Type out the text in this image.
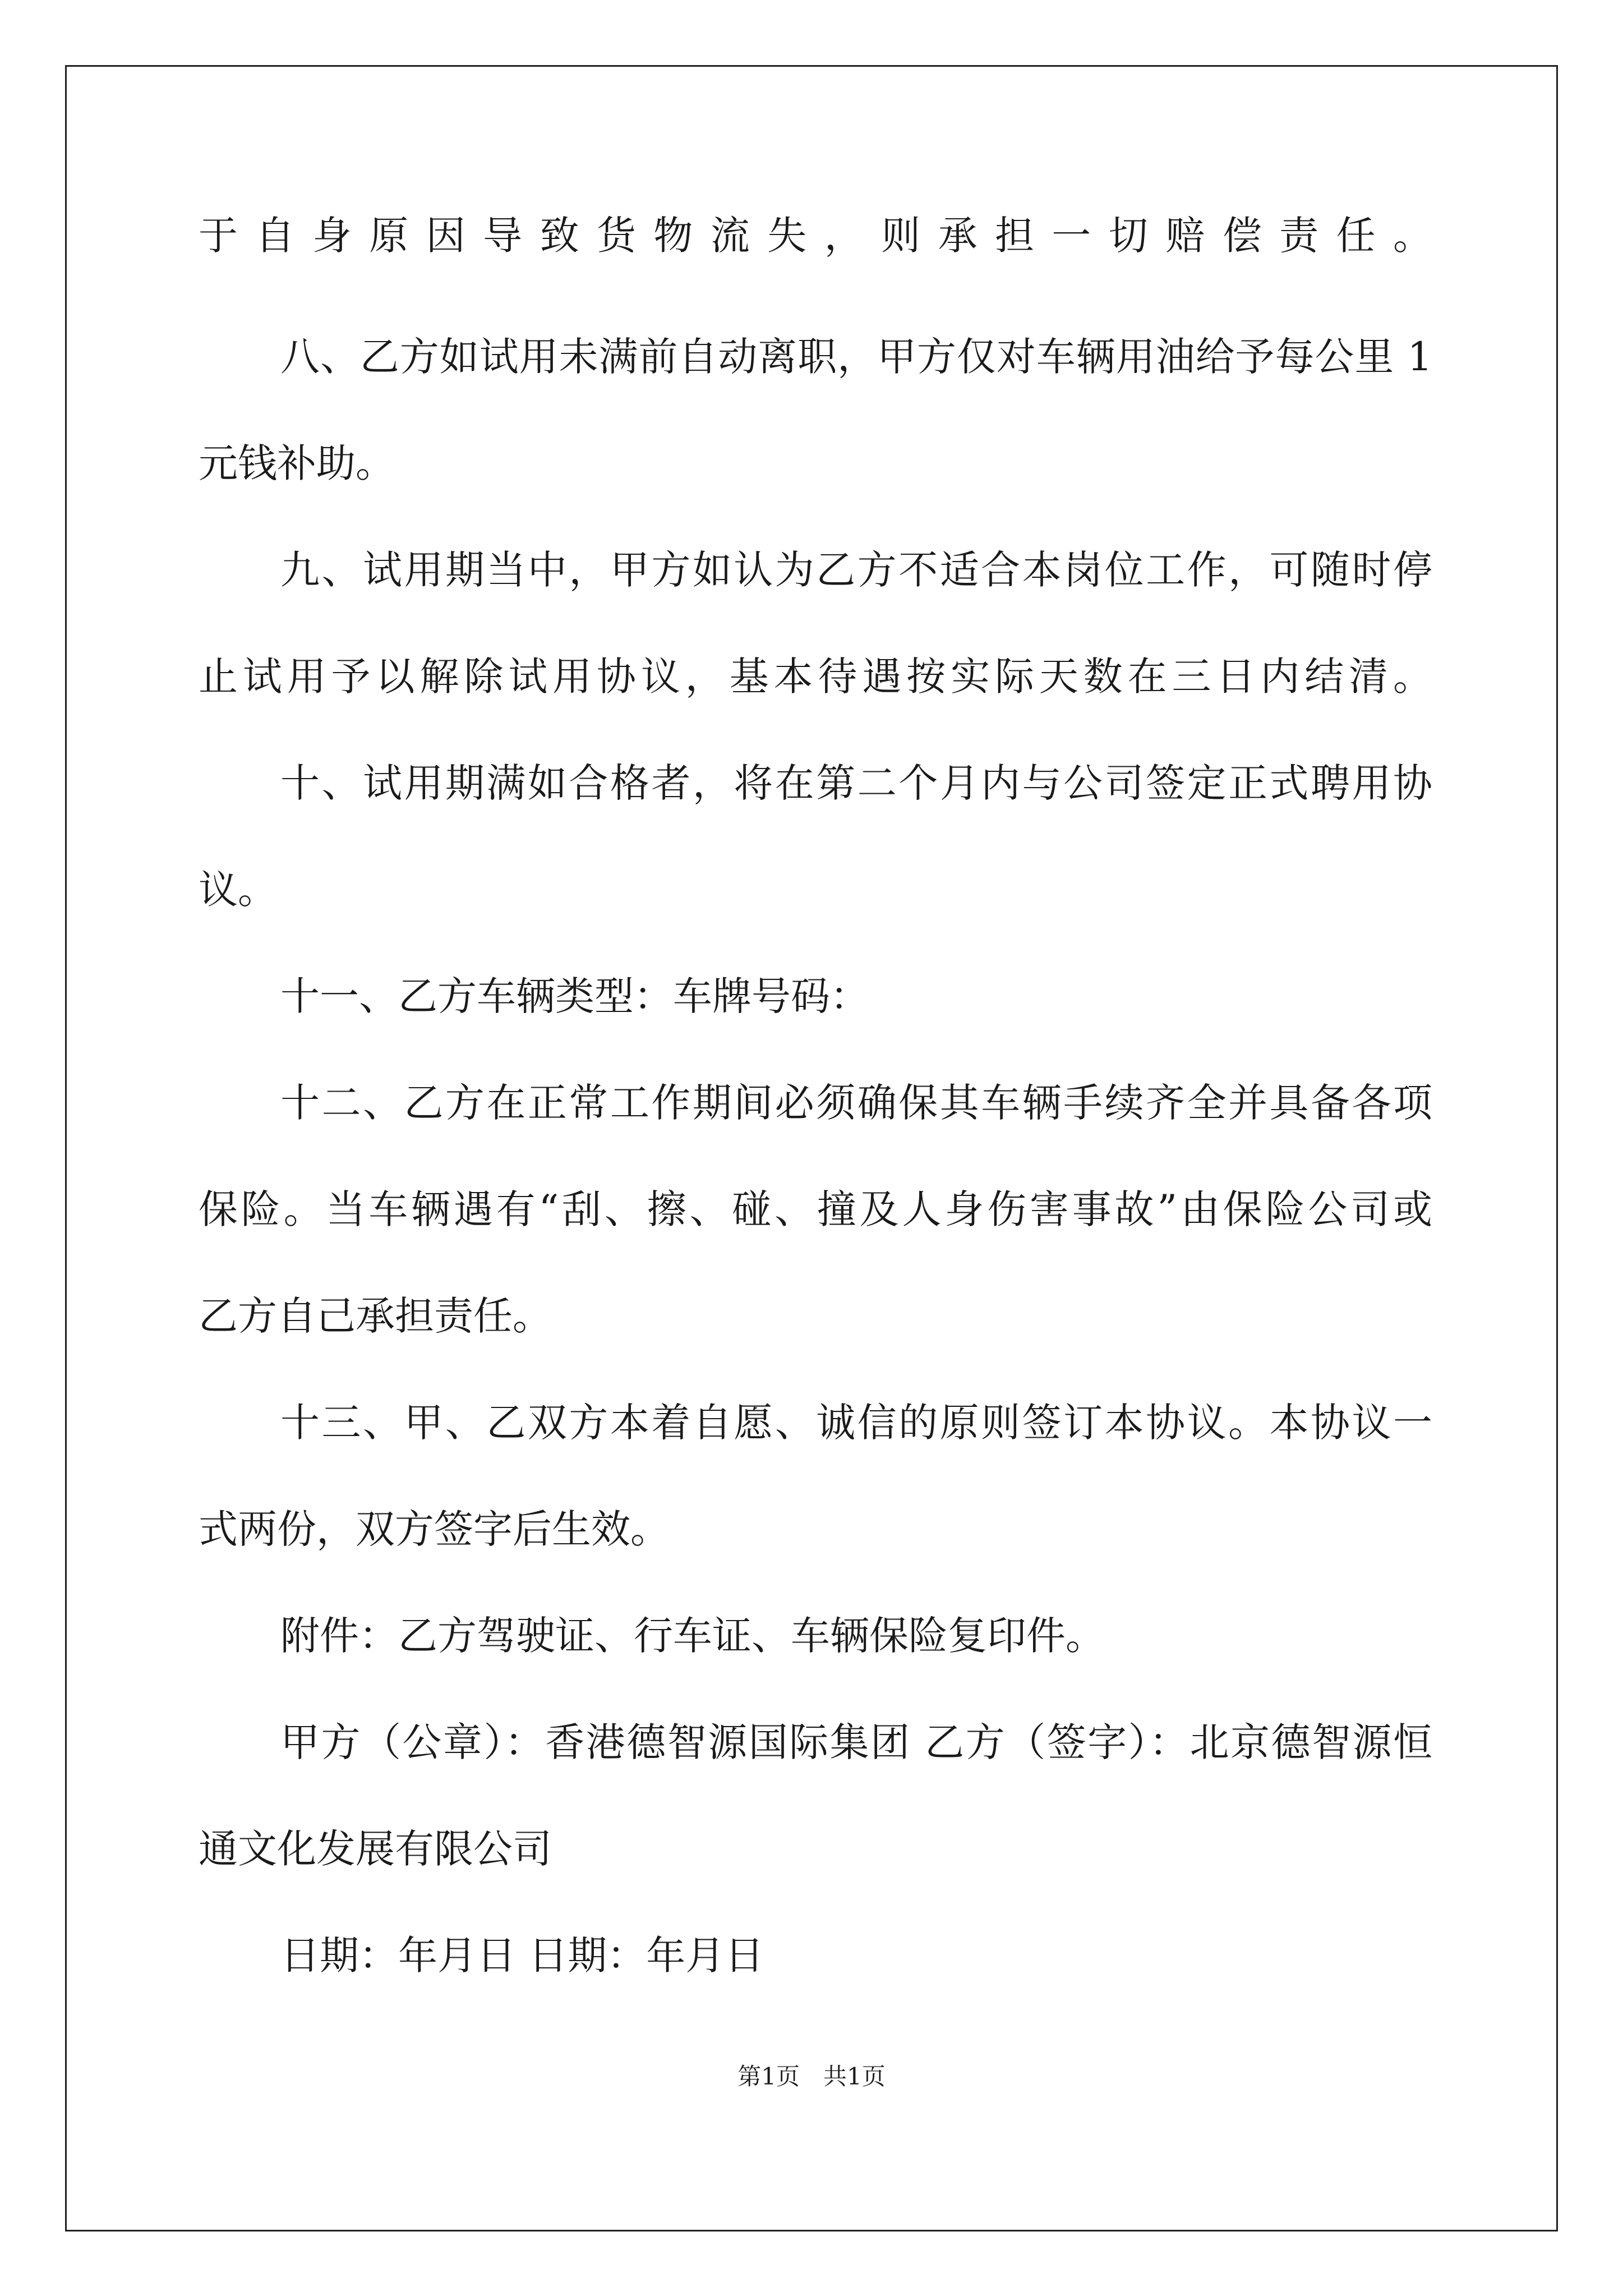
于自身原因导致货物流失，则承担一切赔偿责任。
八、乙方如试用未满前自动离职，甲方仅对车辆用油给予每公里 1
元钱补助。
九、试用期当中，甲方如认为乙方不适合本岗位工作，可随时停
止试用予以解除试用协议，基本待遇按实际天数在三日内结清。
十、试用期满如合格者，将在第二个月内与公司签定正式聘用协
议。
十一、乙方车辆类型：车牌号码：
十二、乙方在正常工作期间必须确保其车辆手续齐全并具备各项
保险。当车辆遇有“刮、擦、碰、撞及人身伤害事故”由保险公司或
乙方自己承担责任。
十三、甲、乙双方本着自愿、诚信的原则签订本协议。本协议一
式两份，双方签字后生效。
附件：乙方驾驶证、行车证、车辆保险复印件。
甲方（公章）：香港德智源国际集团 乙方（签字）：北京德智源恒
通文化发展有限公司
日期：年月日 日期：年月日
第1页　共1页
